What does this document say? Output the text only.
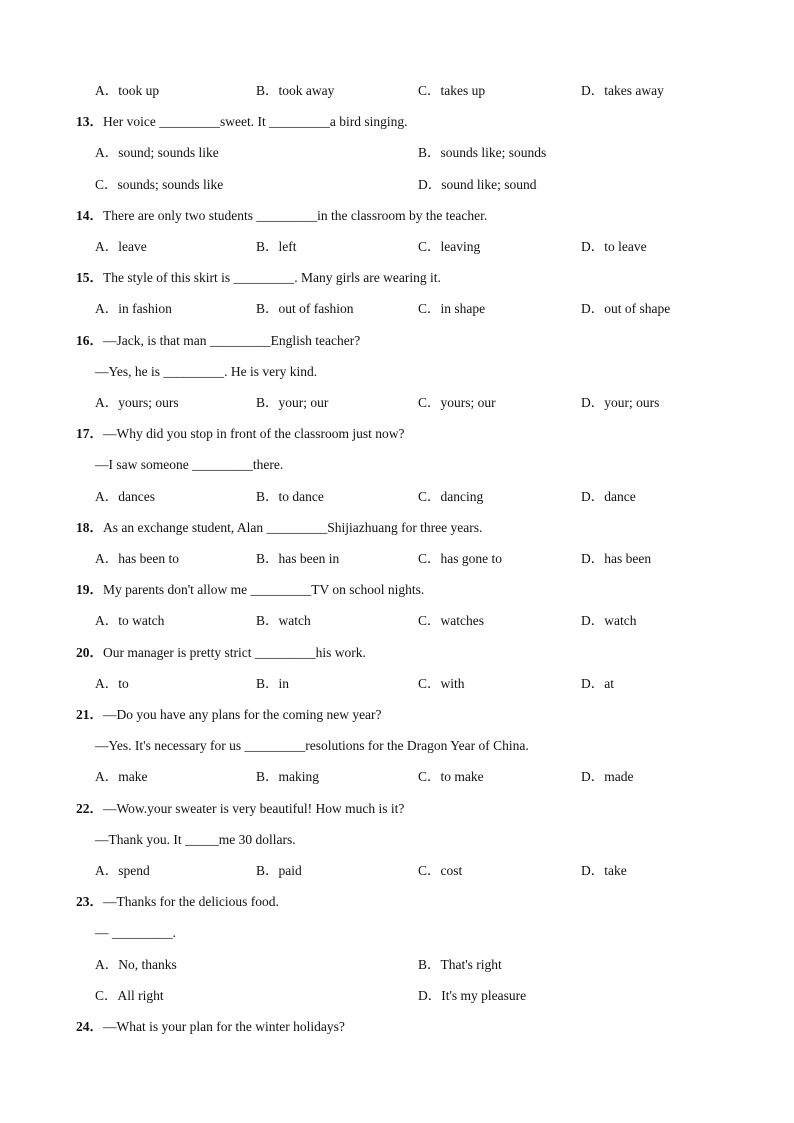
A．took up	B．took away	C．takes up	D．takes away
13．Her voice _________sweet. It _________a bird singing.
A．sound; sounds like	B．sounds like; sounds
C．sounds; sounds like	D．sound like; sound
14．There are only two students _________in the classroom by the teacher.
A．leave	B．left	C．leaving	D．to leave
15．The style of this skirt is _________. Many girls are wearing it.
A．in fashion	B．out of fashion	C．in shape	D．out of shape
16．—Jack, is that man _________English teacher?
—Yes, he is _________. He is very kind.
A．yours; ours	B．your; our	C．yours; our	D．your; ours
17．—Why did you stop in front of the classroom just now?
—I saw someone _________there.
A．dances	B．to dance	C．dancing	D．dance
18．As an exchange student, Alan _________Shijiazhuang for three years.
A．has been to	B．has been in	C．has gone to	D．has been
19．My parents don't allow me _________TV on school nights.
A．to watch	B．watch	C．watches	D．watch
20．Our manager is pretty strict _________his work.
A．to	B．in	C．with	D．at
21．—Do you have any plans for the coming new year?
—Yes. It's necessary for us _________resolutions for the Dragon Year of China.
A．make	B．making	C．to make	D．made
22．—Wow.your sweater is very beautiful! How much is it?
—Thank you. It _____me 30 dollars.
A．spend	B．paid	C．cost	D．take
23．—Thanks for the delicious food.
— _________.
A．No, thanks	B．That's right
C．All right	D．It's my pleasure
24．—What is your plan for the winter holidays?
